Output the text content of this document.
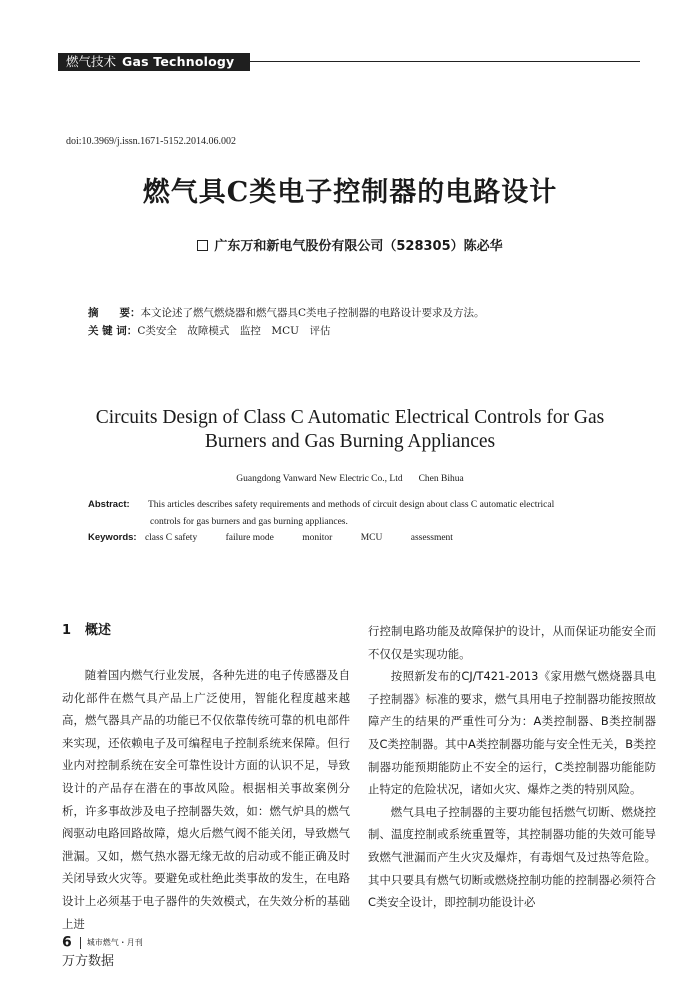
燃气技术 Gas Technology
doi:10.3969/j.issn.1671-5152.2014.06.002
燃气具C类电子控制器的电路设计
广东万和新电气股份有限公司（528305）陈必华
摘　　要：本文论述了燃气燃烧器和燃气器具C类电子控制器的电路设计要求及方法。
关 键 词：C类安全　故障模式　监控　MCU　评估
Circuits Design of Class C Automatic Electrical Controls for Gas
Burners and Gas Burning Appliances
Guangdong Vanward New Electric Co., Ltd Chen Bihua
Abstract: This articles describes safety requirements and methods of circuit design about class C automatic electrical
controls for gas burners and gas burning appliances.
Keywords: class C safety	failure mode	monitor	MCU	assessment
1 概述

随着国内燃气行业发展，各种先进的电子传感器及自动化部件在燃气具产品上广泛使用，智能化程度越来越高，燃气器具产品的功能已不仅依靠传统可靠的机电部件来实现，还依赖电子及可编程电子控制系统来保障。但行业内对控制系统在安全可靠性设计方面的认识不足，导致设计的产品存在潜在的事故风险。根据相关事故案例分析，许多事故涉及电子控制器失效，如：燃气炉具的燃气阀驱动电路回路故障，熄火后燃气阀不能关闭，导致燃气泄漏。又如，燃气热水器无缘无故的启动或不能正确及时关闭导致火灾等。要避免或杜绝此类事故的发生，在电路设计上必须基于电子器件的失效模式，在失效分析的基础上进

行控制电路功能及故障保护的设计，从而保证功能安全而不仅仅是实现功能。

按照新发布的CJ/T421-2013《家用燃气燃烧器具电子控制器》标准的要求，燃气具用电子控制器功能按照故障产生的结果的严重性可分为：A类控制器、B类控制器及C类控制器。其中A类控制器功能与安全性无关，B类控制器功能预期能防止不安全的运行，C类控制器功能能防止特定的危险状况，诸如火灾、爆炸之类的特别风险。

燃气具电子控制器的主要功能包括燃气切断、燃烧控制、温度控制或系统重置等，其控制器功能的失效可能导致燃气泄漏而产生火灾及爆炸，有毒烟气及过热等危险。其中只要具有燃气切断或燃烧控制功能的控制器必须符合C类安全设计，即控制功能设计必

6 城市燃气・月刊
万方数据
